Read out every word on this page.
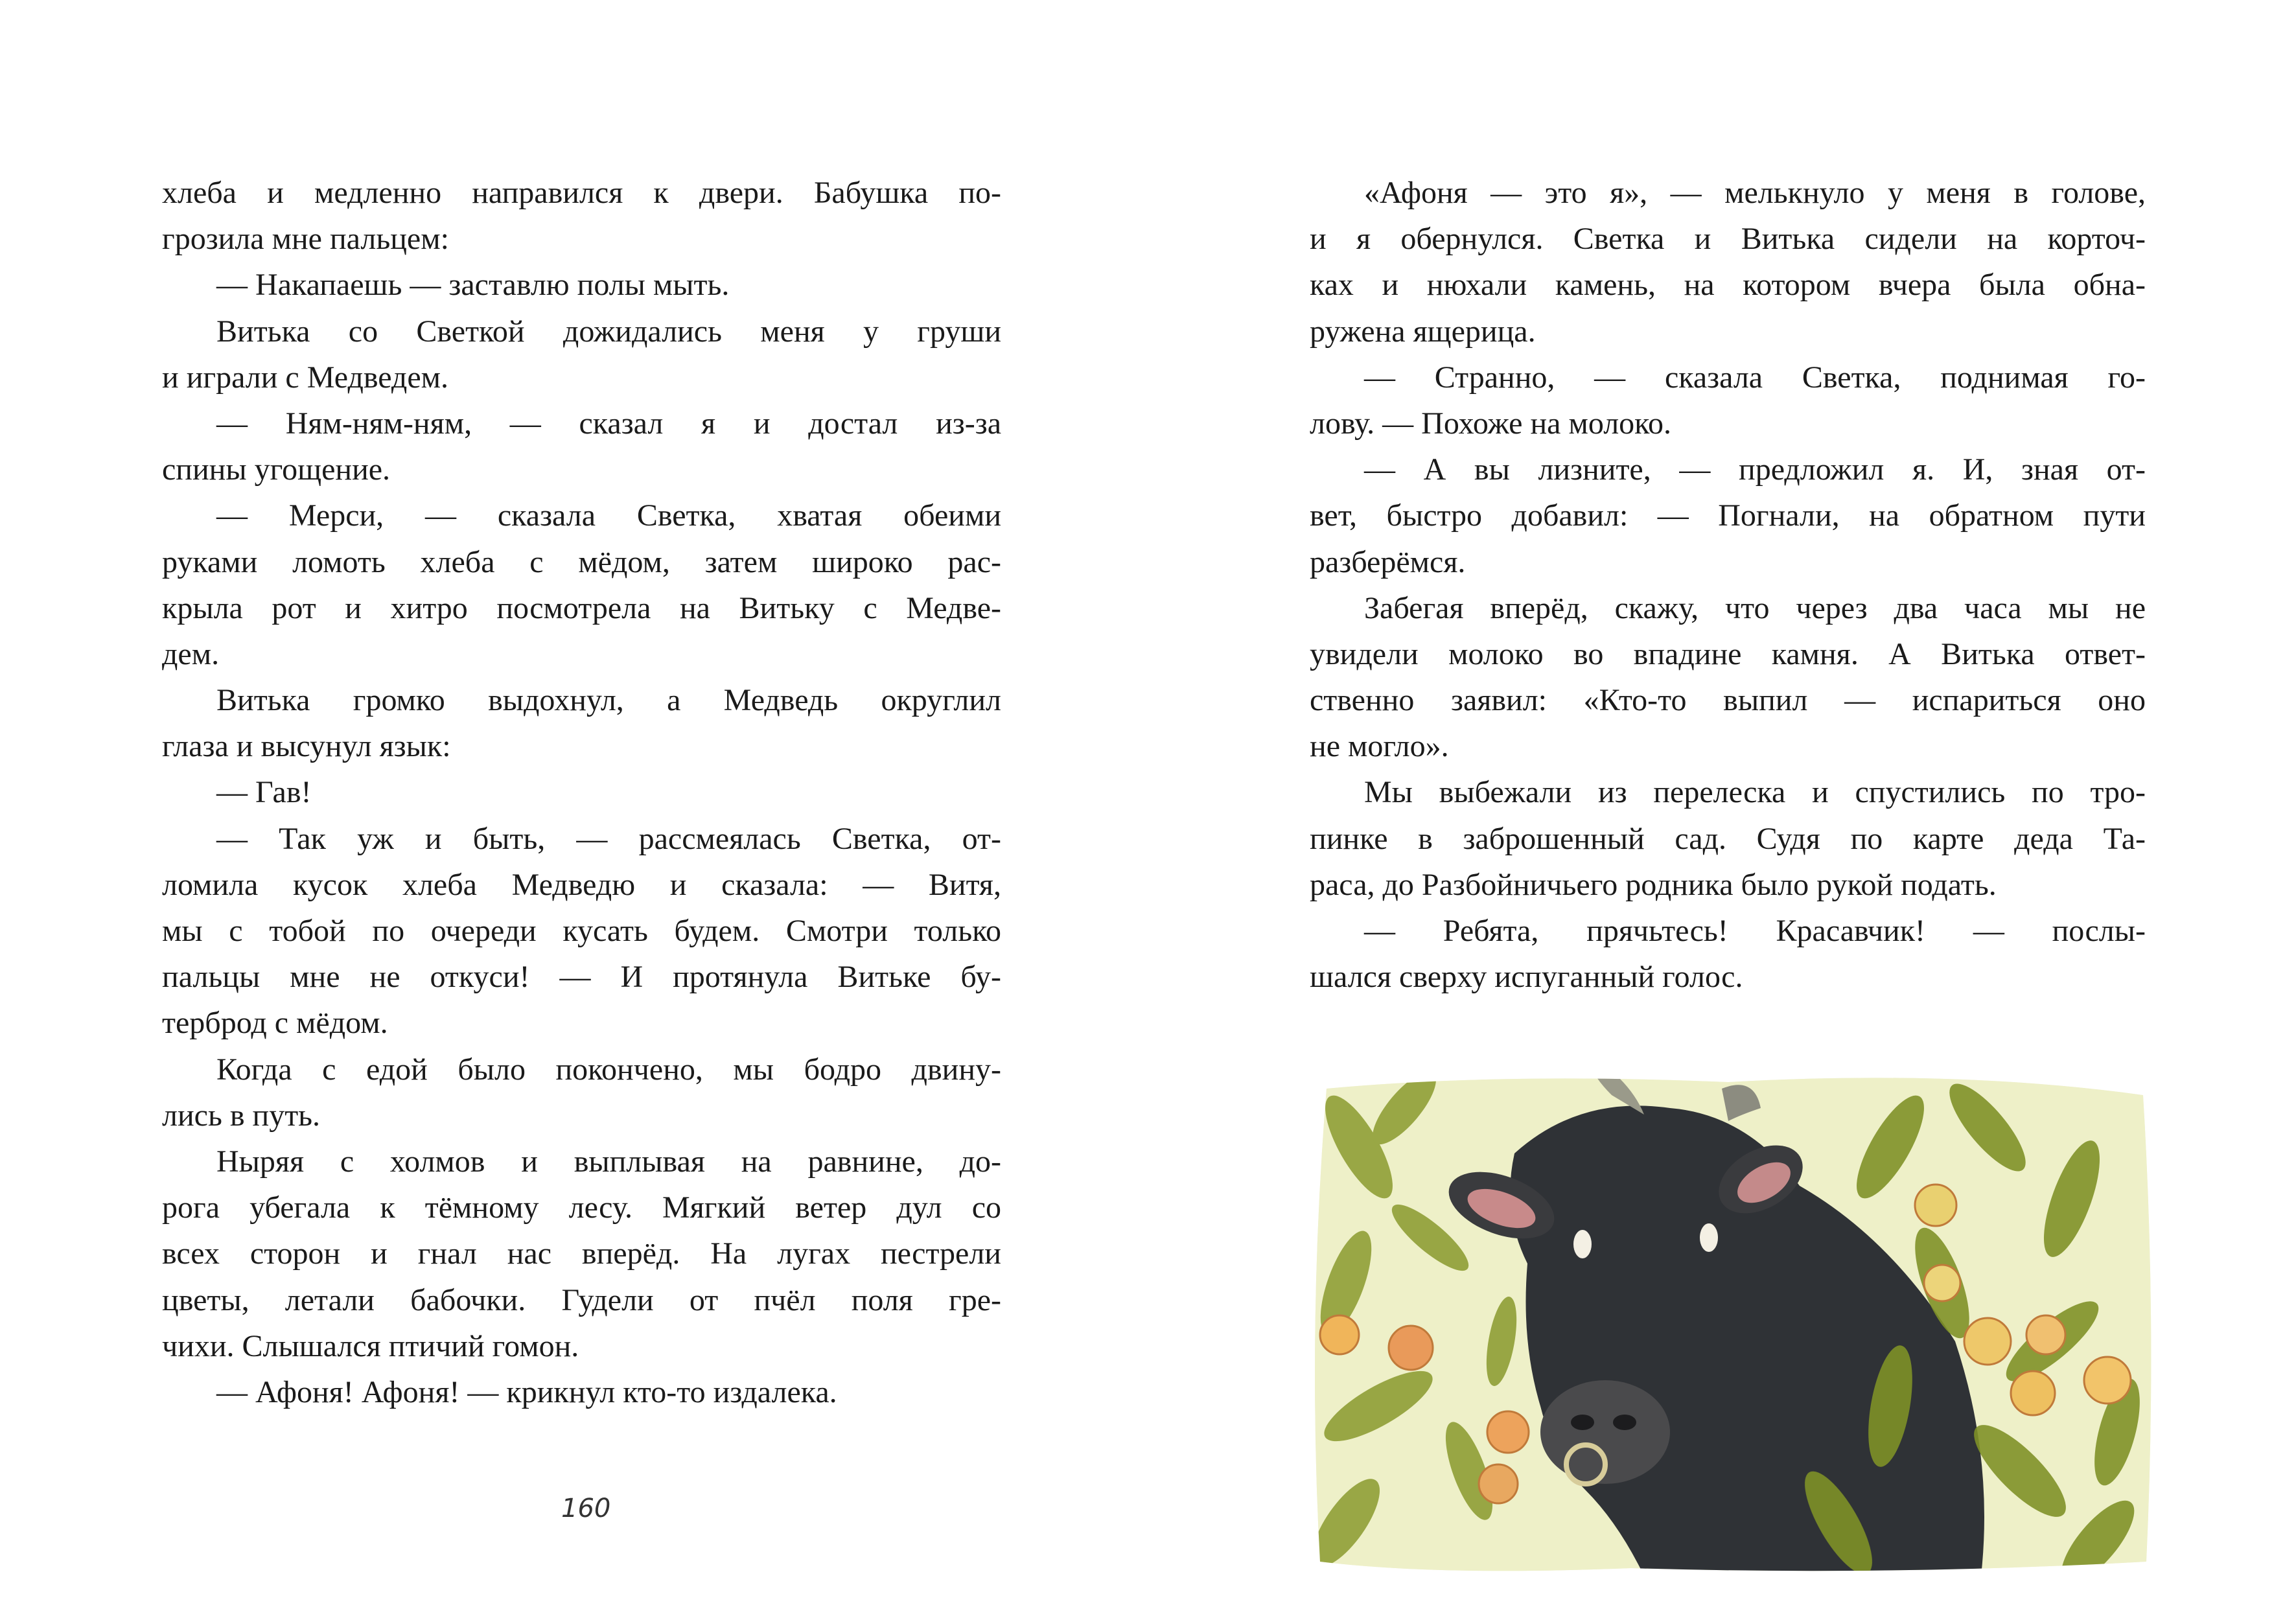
хлеба и медленно направился к двери. Бабушка по-
грозила мне пальцем:
— Накапаешь — заставлю полы мыть.
Витька со Светкой дожидались меня у груши
и играли с Медведем.
— Ням-ням-ням, — сказал я и достал из-за
спины угощение.
— Мерси, — сказала Светка, хватая обеими
руками ломоть хлеба с мёдом, затем широко рас-
крыла рот и хитро посмотрела на Витьку с Медве-
дем.
Витька громко выдохнул, а Медведь округлил
глаза и высунул язык:
— Гав!
— Так уж и быть, — рассмеялась Светка, от-
ломила кусок хлеба Медведю и сказала: — Витя,
мы с тобой по очереди кусать будем. Смотри только
пальцы мне не откуси! — И протянула Витьке бу-
терброд с мёдом.
Когда с едой было покончено, мы бодро двину-
лись в путь.
Ныряя с холмов и выплывая на равнине, до-
рога убегала к тёмному лесу. Мягкий ветер дул со
всех сторон и гнал нас вперёд. На лугах пестрели
цветы, летали бабочки. Гудели от пчёл поля гре-
чихи. Слышался птичий гомон.
— Афоня! Афоня! — крикнул кто-то издалека.
«Афоня — это я», — мелькнуло у меня в голове,
и я обернулся. Светка и Витька сидели на корточ-
ках и нюхали камень, на котором вчера была обна-
ружена ящерица.
— Странно, — сказала Светка, поднимая го-
лову. — Похоже на молоко.
— А вы лизните, — предложил я. И, зная от-
вет, быстро добавил: — Погнали, на обратном пути
разберёмся.
Забегая вперёд, скажу, что через два часа мы не
увидели молоко во впадине камня. А Витька ответ-
ственно заявил: «Кто-то выпил — испариться оно
не могло».
Мы выбежали из перелеска и спустились по тро-
пинке в заброшенный сад. Судя по карте деда Та-
раса, до Разбойничьего родника было рукой подать.
— Ребята, прячьтесь! Красавчик! — послы-
шался сверху испуганный голос.
160
